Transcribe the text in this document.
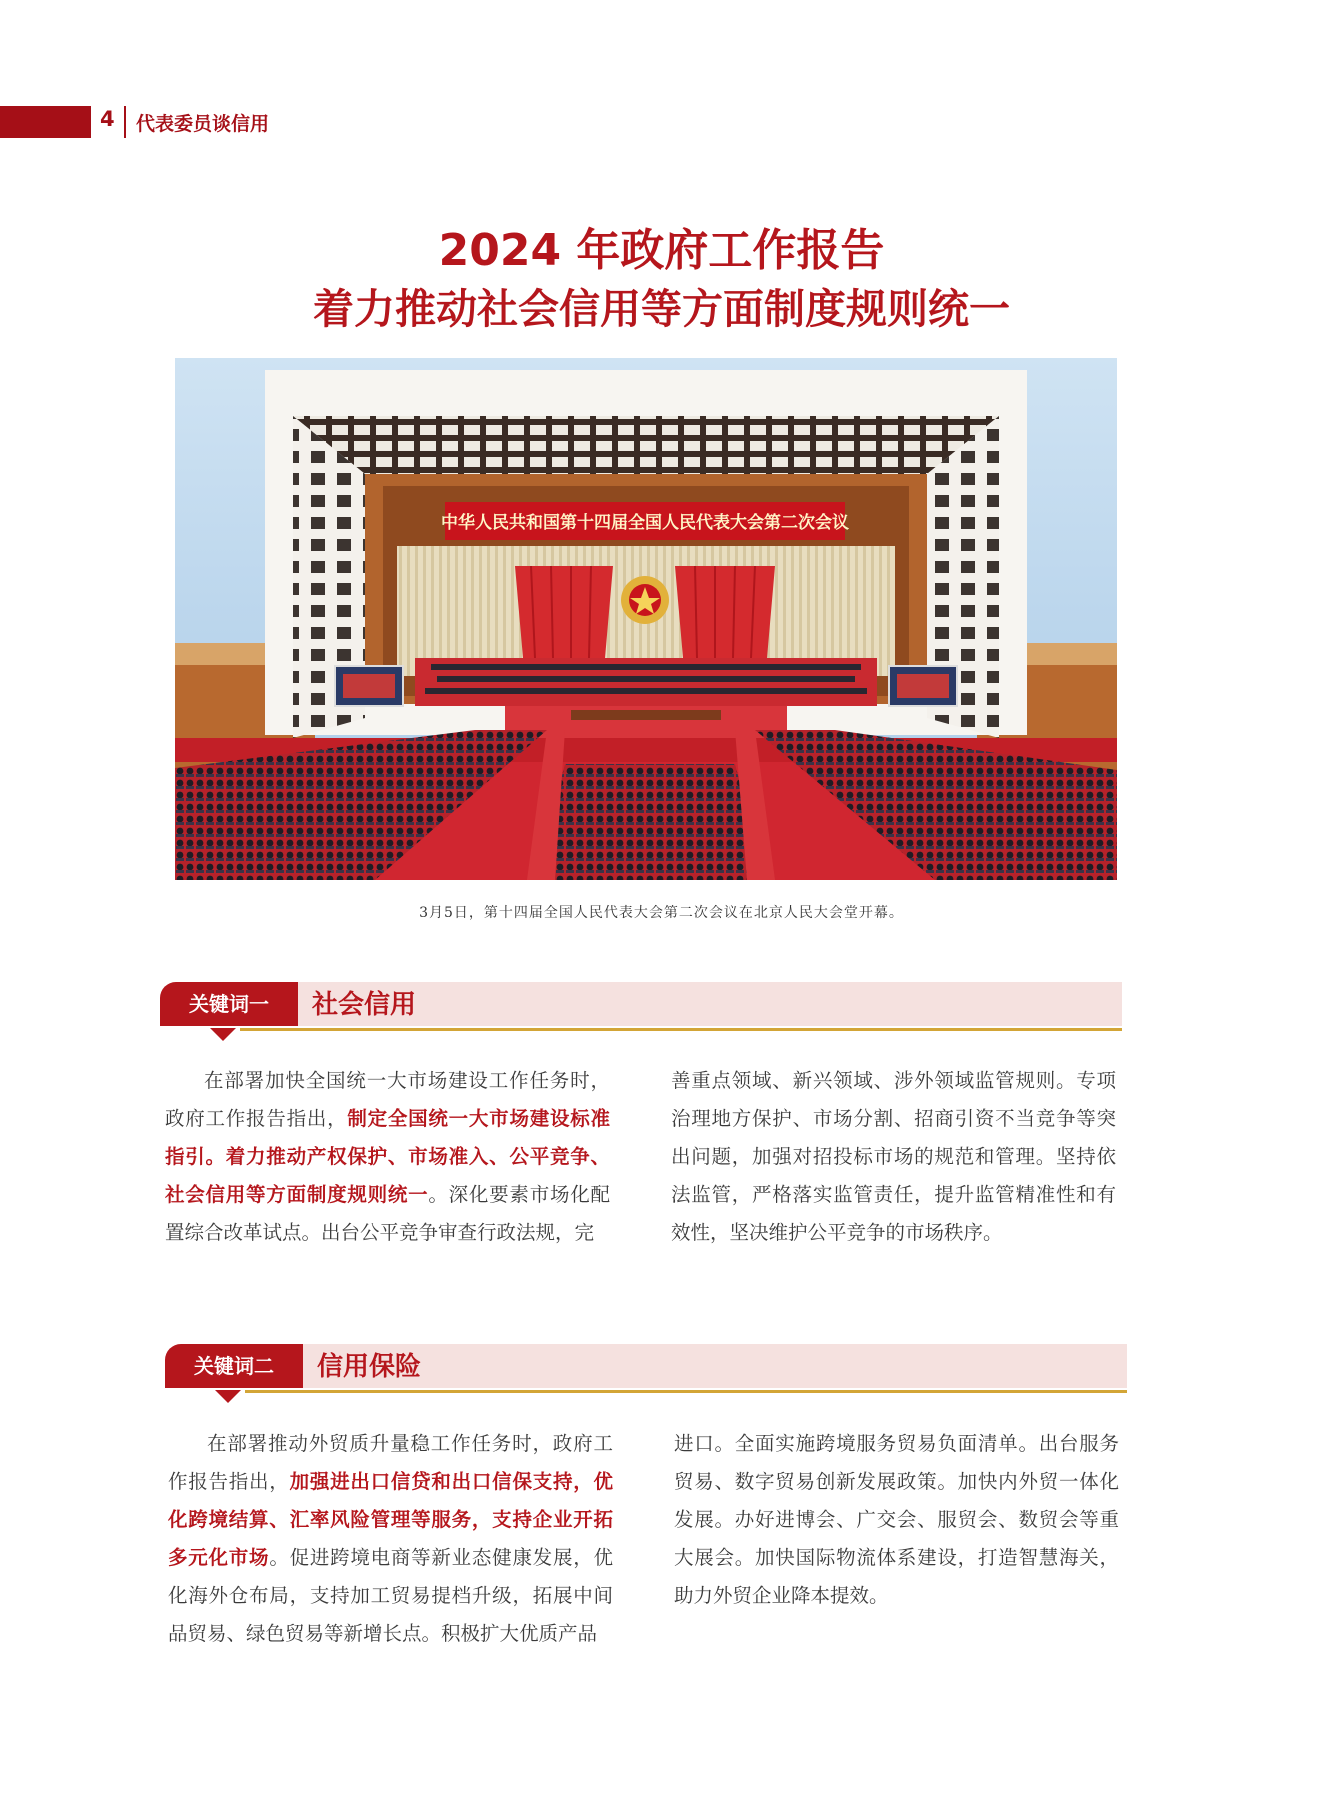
4 代表委员谈信用
2024 年政府工作报告
着力推动社会信用等方面制度规则统一
中华人民共和国第十四届全国人民代表大会第二次会议
3月5日，第十四届全国人民代表大会第二次会议在北京人民大会堂开幕。
关键词一	社会信用

在部署加快全国统一大市场建设工作任务时，政府工作报告指出，制定全国统一大市场建设标准指引。着力推动产权保护、市场准入、公平竞争、社会信用等方面制度规则统一。深化要素市场化配置综合改革试点。出台公平竞争审查行政法规，完

善重点领域、新兴领域、涉外领域监管规则。专项治理地方保护、市场分割、招商引资不当竞争等突出问题，加强对招投标市场的规范和管理。坚持依法监管，严格落实监管责任，提升监管精准性和有效性，坚决维护公平竞争的市场秩序。

关键词二	信用保险

在部署推动外贸质升量稳工作任务时，政府工作报告指出，加强进出口信贷和出口信保支持，优化跨境结算、汇率风险管理等服务，支持企业开拓多元化市场。促进跨境电商等新业态健康发展，优化海外仓布局，支持加工贸易提档升级，拓展中间品贸易、绿色贸易等新增长点。积极扩大优质产品

进口。全面实施跨境服务贸易负面清单。出台服务贸易、数字贸易创新发展政策。加快内外贸一体化发展。办好进博会、广交会、服贸会、数贸会等重大展会。加快国际物流体系建设，打造智慧海关，助力外贸企业降本提效。
